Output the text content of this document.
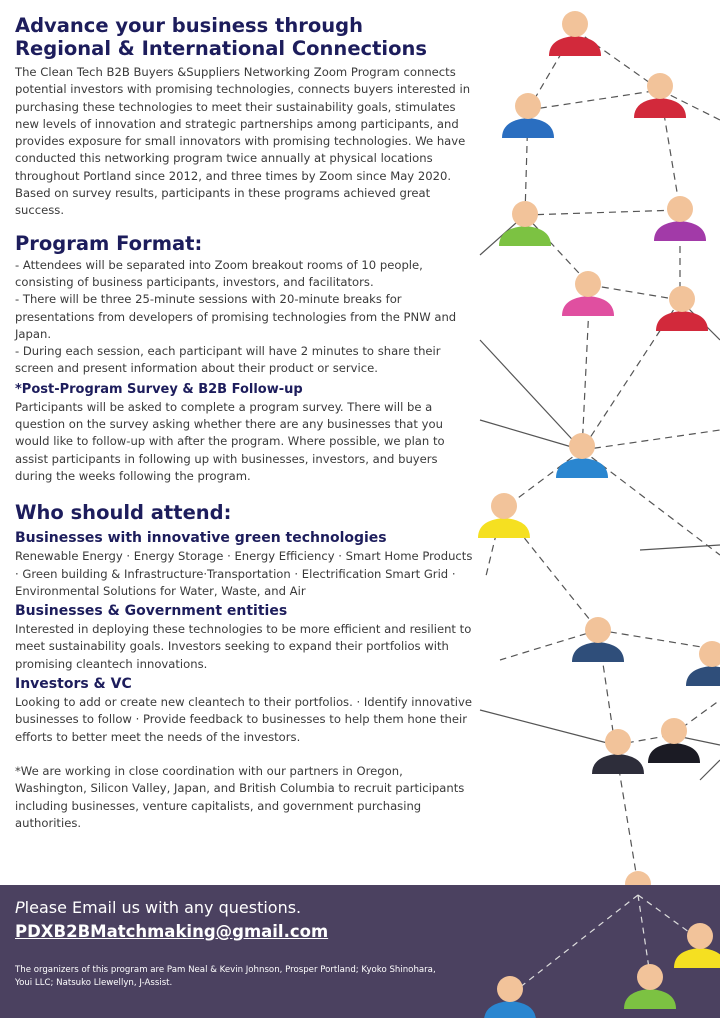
Advance your business through
Regional & International Connections

The Clean Tech B2B Buyers &Suppliers Networking Zoom Program connects potential investors with promising technologies, connects buyers interested in purchasing these technologies to meet their sustainability goals, stimulates new levels of innovation and strategic partnerships among participants, and provides exposure for small innovators with promising technologies. We have conducted this networking program twice annually at physical locations throughout Portland since 2012, and three times by Zoom since May 2020. Based on survey results, participants in these programs achieved great success.

Program Format:

- Attendees will be separated into Zoom breakout rooms of 10 people, consisting of business participants, investors, and facilitators.

- There will be three 25-minute sessions with 20-minute breaks for presentations from developers of promising technologies from the PNW and Japan.

- During each session, each participant will have 2 minutes to share their screen and present information about their product or service.

*Post-Program Survey & B2B Follow-up

Participants will be asked to complete a program survey. There will be a question on the survey asking whether there are any businesses that you would like to follow-up with after the program. Where possible, we plan to assist participants in following up with businesses, investors, and buyers during the weeks following the program.

Who should attend:
Businesses with innovative green technologies

Renewable Energy · Energy Storage · Energy Efficiency · Smart Home Products · Green building & Infrastructure·Transportation · Electrification Smart Grid · Environmental Solutions for Water, Waste, and Air

Businesses & Government entities

Interested in deploying these technologies to be more efficient and resilient to meet sustainability goals. Investors seeking to expand their portfolios with promising cleantech innovations.

Investors & VC

Looking to add or create new cleantech to their portfolios. · Identify innovative businesses to follow · Provide feedback to businesses to help them hone their efforts to better meet the needs of the investors.

*We are working in close coordination with our partners in Oregon, Washington, Silicon Valley, Japan, and British Columbia to recruit participants including businesses, venture capitalists, and government purchasing authorities.

Please Email us with any questions.
PDXB2BMatchmaking@gmail.com
The organizers of this program are Pam Neal & Kevin Johnson, Prosper Portland; Kyoko Shinohara, Youi LLC; Natsuko Llewellyn, J-Assist.
